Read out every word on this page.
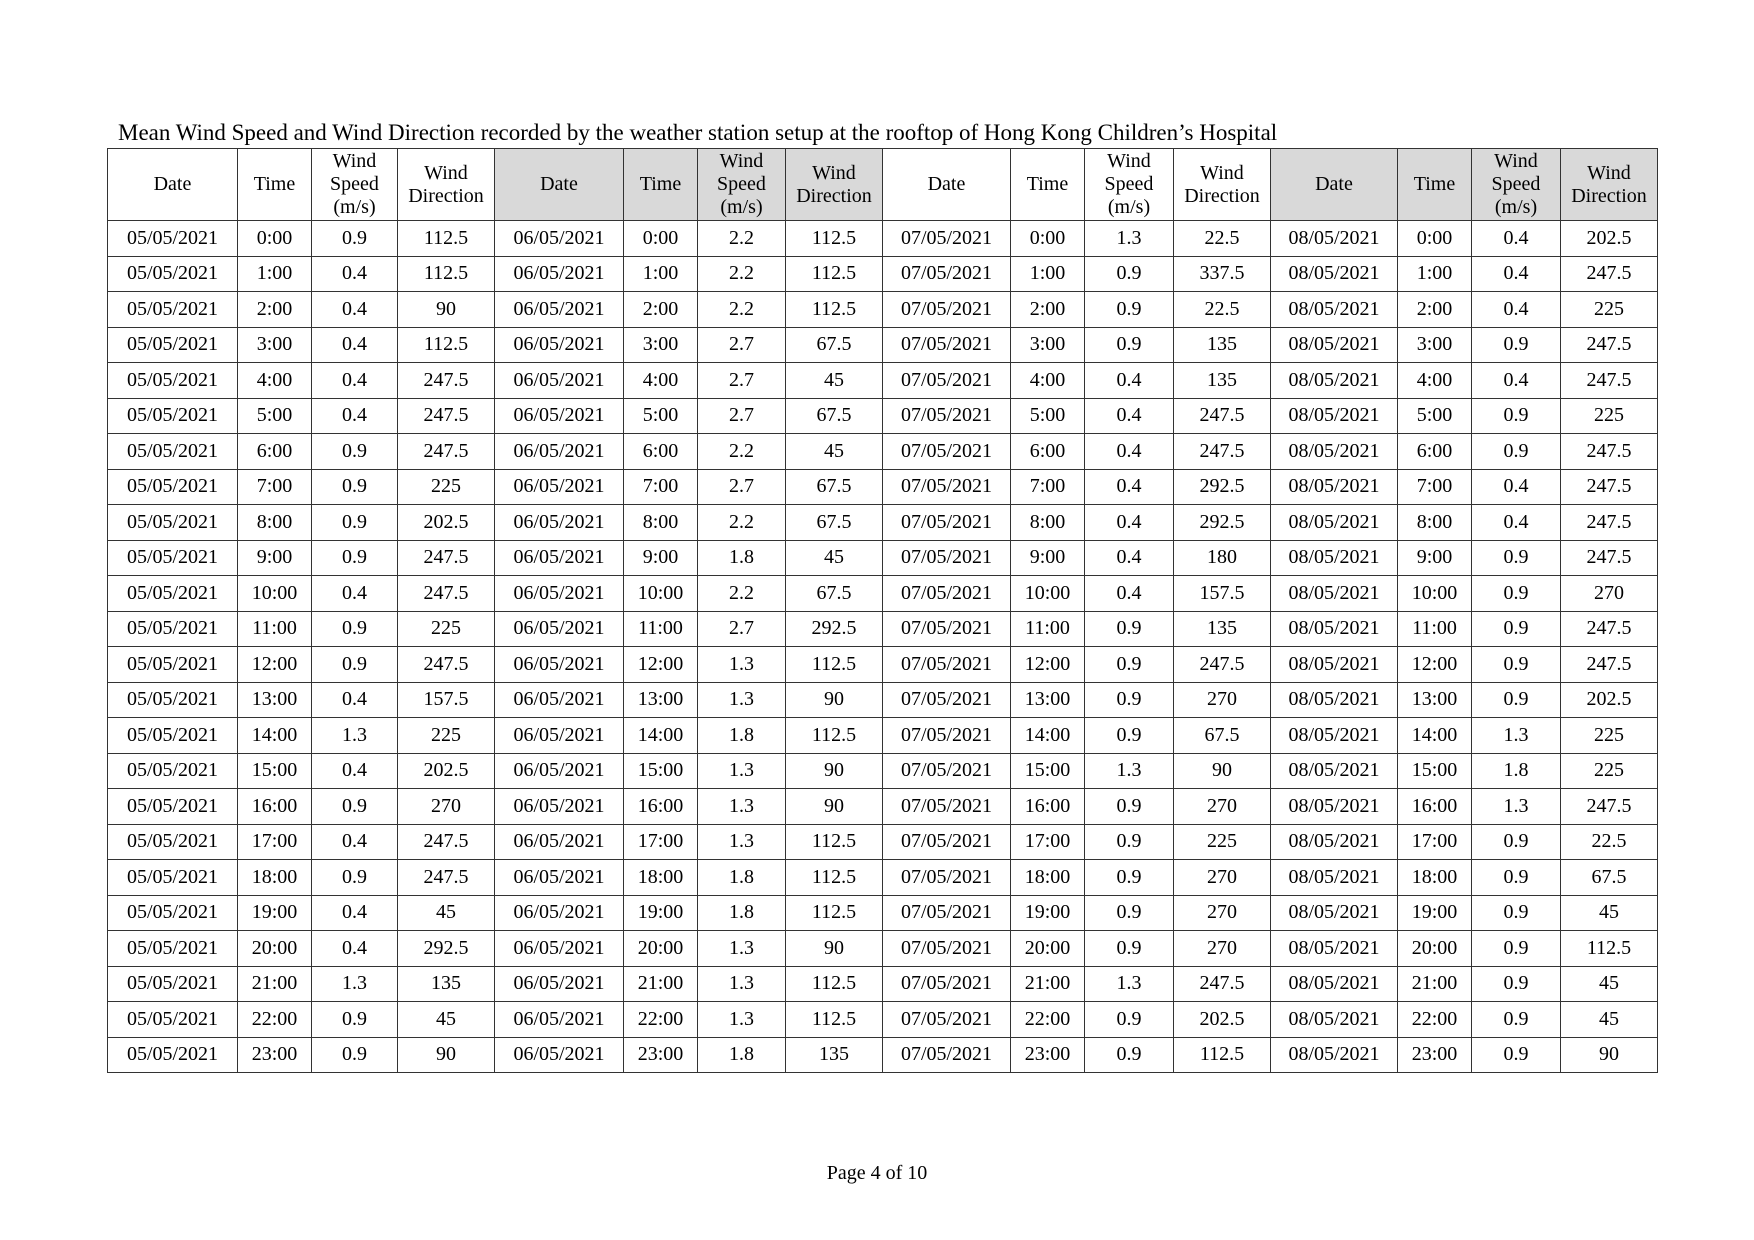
Mean Wind Speed and Wind Direction recorded by the weather station setup at the rooftop of Hong Kong Children’s Hospital
Date	Time	Wind Speed (m/s)	Wind Direction	Date	Time	Wind Speed (m/s)	Wind Direction	Date	Time	Wind Speed (m/s)	Wind Direction	Date	Time	Wind Speed (m/s)	Wind Direction
05/05/2021	0:00	0.9	112.5	06/05/2021	0:00	2.2	112.5	07/05/2021	0:00	1.3	22.5	08/05/2021	0:00	0.4	202.5
05/05/2021	1:00	0.4	112.5	06/05/2021	1:00	2.2	112.5	07/05/2021	1:00	0.9	337.5	08/05/2021	1:00	0.4	247.5
05/05/2021	2:00	0.4	90	06/05/2021	2:00	2.2	112.5	07/05/2021	2:00	0.9	22.5	08/05/2021	2:00	0.4	225
05/05/2021	3:00	0.4	112.5	06/05/2021	3:00	2.7	67.5	07/05/2021	3:00	0.9	135	08/05/2021	3:00	0.9	247.5
05/05/2021	4:00	0.4	247.5	06/05/2021	4:00	2.7	45	07/05/2021	4:00	0.4	135	08/05/2021	4:00	0.4	247.5
05/05/2021	5:00	0.4	247.5	06/05/2021	5:00	2.7	67.5	07/05/2021	5:00	0.4	247.5	08/05/2021	5:00	0.9	225
05/05/2021	6:00	0.9	247.5	06/05/2021	6:00	2.2	45	07/05/2021	6:00	0.4	247.5	08/05/2021	6:00	0.9	247.5
05/05/2021	7:00	0.9	225	06/05/2021	7:00	2.7	67.5	07/05/2021	7:00	0.4	292.5	08/05/2021	7:00	0.4	247.5
05/05/2021	8:00	0.9	202.5	06/05/2021	8:00	2.2	67.5	07/05/2021	8:00	0.4	292.5	08/05/2021	8:00	0.4	247.5
05/05/2021	9:00	0.9	247.5	06/05/2021	9:00	1.8	45	07/05/2021	9:00	0.4	180	08/05/2021	9:00	0.9	247.5
05/05/2021	10:00	0.4	247.5	06/05/2021	10:00	2.2	67.5	07/05/2021	10:00	0.4	157.5	08/05/2021	10:00	0.9	270
05/05/2021	11:00	0.9	225	06/05/2021	11:00	2.7	292.5	07/05/2021	11:00	0.9	135	08/05/2021	11:00	0.9	247.5
05/05/2021	12:00	0.9	247.5	06/05/2021	12:00	1.3	112.5	07/05/2021	12:00	0.9	247.5	08/05/2021	12:00	0.9	247.5
05/05/2021	13:00	0.4	157.5	06/05/2021	13:00	1.3	90	07/05/2021	13:00	0.9	270	08/05/2021	13:00	0.9	202.5
05/05/2021	14:00	1.3	225	06/05/2021	14:00	1.8	112.5	07/05/2021	14:00	0.9	67.5	08/05/2021	14:00	1.3	225
05/05/2021	15:00	0.4	202.5	06/05/2021	15:00	1.3	90	07/05/2021	15:00	1.3	90	08/05/2021	15:00	1.8	225
05/05/2021	16:00	0.9	270	06/05/2021	16:00	1.3	90	07/05/2021	16:00	0.9	270	08/05/2021	16:00	1.3	247.5
05/05/2021	17:00	0.4	247.5	06/05/2021	17:00	1.3	112.5	07/05/2021	17:00	0.9	225	08/05/2021	17:00	0.9	22.5
05/05/2021	18:00	0.9	247.5	06/05/2021	18:00	1.8	112.5	07/05/2021	18:00	0.9	270	08/05/2021	18:00	0.9	67.5
05/05/2021	19:00	0.4	45	06/05/2021	19:00	1.8	112.5	07/05/2021	19:00	0.9	270	08/05/2021	19:00	0.9	45
05/05/2021	20:00	0.4	292.5	06/05/2021	20:00	1.3	90	07/05/2021	20:00	0.9	270	08/05/2021	20:00	0.9	112.5
05/05/2021	21:00	1.3	135	06/05/2021	21:00	1.3	112.5	07/05/2021	21:00	1.3	247.5	08/05/2021	21:00	0.9	45
05/05/2021	22:00	0.9	45	06/05/2021	22:00	1.3	112.5	07/05/2021	22:00	0.9	202.5	08/05/2021	22:00	0.9	45
05/05/2021	23:00	0.9	90	06/05/2021	23:00	1.8	135	07/05/2021	23:00	0.9	112.5	08/05/2021	23:00	0.9	90
Page 4 of 10
